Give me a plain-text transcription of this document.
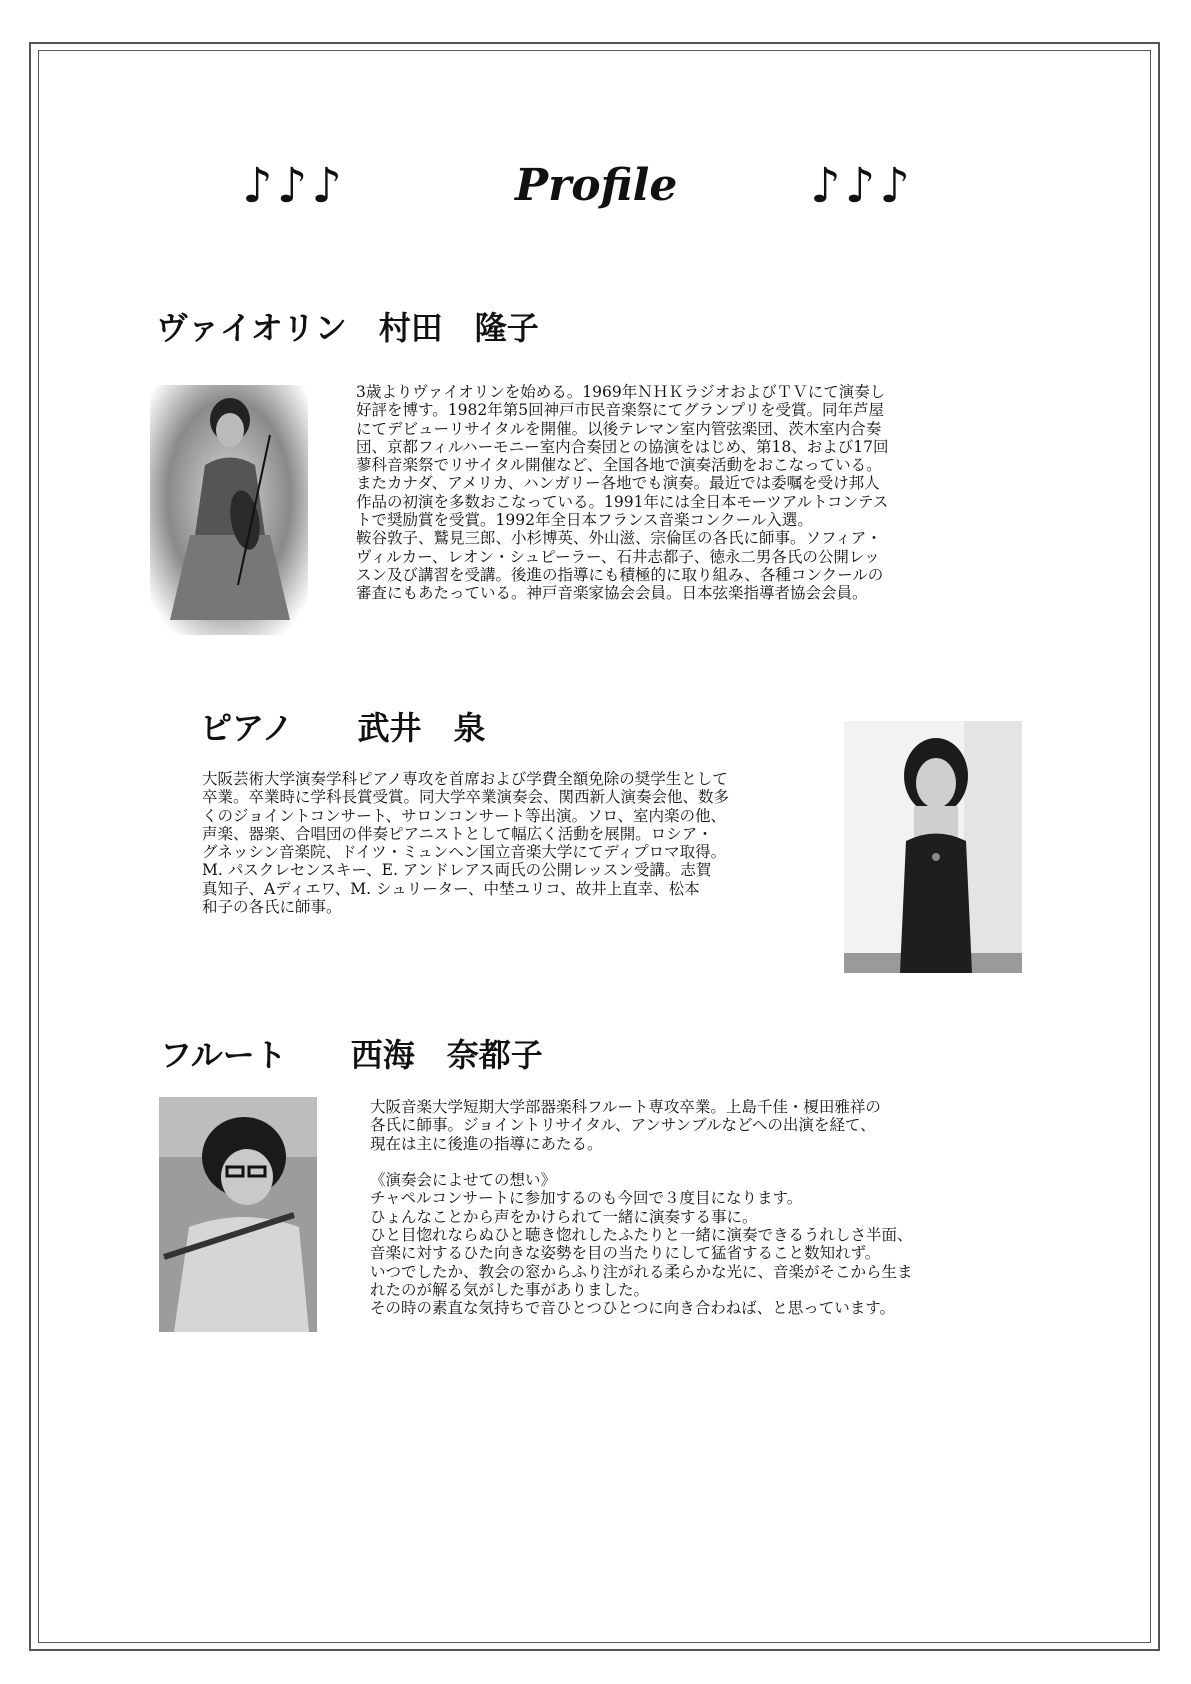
♪♪♪	Profile	♪♪♪
ヴァイオリン　村田　隆子
3歳よりヴァイオリンを始める。1969年ＮＨＫラジオおよびＴＶにて演奏し
好評を博す。1982年第5回神戸市民音楽祭にてグランプリを受賞。同年芦屋
にてデビューリサイタルを開催。以後テレマン室内管弦楽団、茨木室内合奏
団、京都フィルハーモニー室内合奏団との協演をはじめ、第18、および17回
蓼科音楽祭でリサイタル開催など、全国各地で演奏活動をおこなっている。
またカナダ、アメリカ、ハンガリー各地でも演奏。最近では委嘱を受け邦人
作品の初演を多数おこなっている。1991年には全日本モーツアルトコンテス
トで奨励賞を受賞。1992年全日本フランス音楽コンクール入選。
鞍谷敦子、鷲見三郎、小杉博英、外山滋、宗倫匡の各氏に師事。ソフィア・
ヴィルカー、レオン・シュピーラー、石井志都子、徳永二男各氏の公開レッ
スン及び講習を受講。後進の指導にも積極的に取り組み、各種コンクールの
審査にもあたっている。神戸音楽家協会会員。日本弦楽指導者協会会員。
ピアノ　　武井　泉
大阪芸術大学演奏学科ピアノ専攻を首席および学費全額免除の奨学生として
卒業。卒業時に学科長賞受賞。同大学卒業演奏会、関西新人演奏会他、数多
くのジョイントコンサート、サロンコンサート等出演。ソロ、室内楽の他、
声楽、器楽、合唱団の伴奏ピアニストとして幅広く活動を展開。ロシア・
グネッシン音楽院、ドイツ・ミュンヘン国立音楽大学にてディプロマ取得。
M. パスクレセンスキー、E. アンドレアス両氏の公開レッスン受講。志賀
真知子、Aディエワ、M. シュリーター、中埜ユリコ、故井上直幸、松本
和子の各氏に師事。
フルート　　西海　奈都子
大阪音楽大学短期大学部器楽科フルート専攻卒業。上島千佳・榎田雅祥の
各氏に師事。ジョイントリサイタル、アンサンブルなどへの出演を経て、
現在は主に後進の指導にあたる。

《演奏会によせての想い》
チャペルコンサートに参加するのも今回で３度目になります。
ひょんなことから声をかけられて一緒に演奏する事に。
ひと目惚れならぬひと聴き惚れしたふたりと一緒に演奏できるうれしさ半面、
音楽に対するひた向きな姿勢を目の当たりにして猛省すること数知れず。
いつでしたか、教会の窓からふり注がれる柔らかな光に、音楽がそこから生ま
れたのが解る気がした事がありました。
その時の素直な気持ちで音ひとつひとつに向き合わねば、と思っています。
